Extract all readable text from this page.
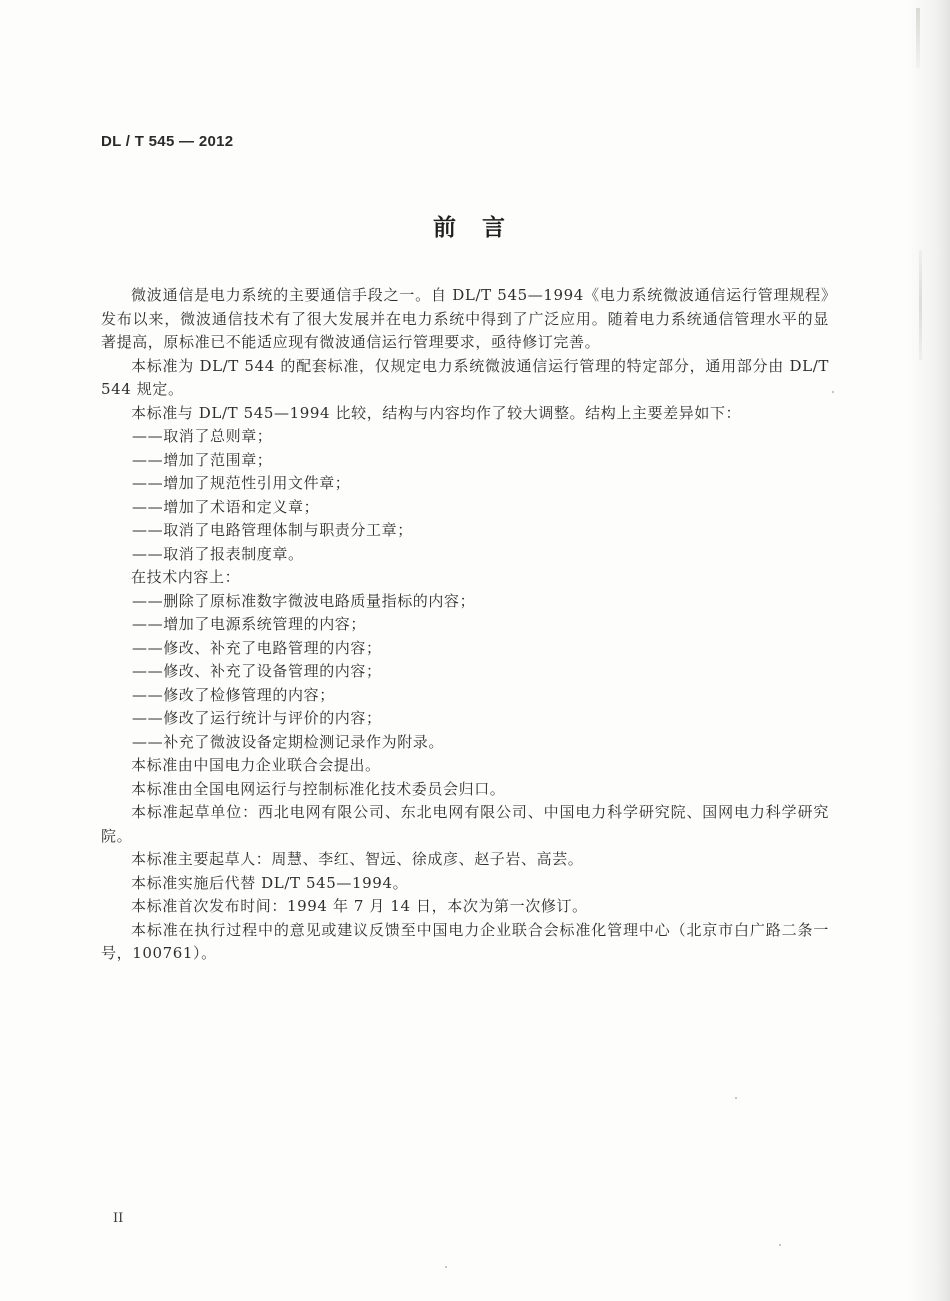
DL / T 545 — 2012
前言

微波通信是电力系统的主要通信手段之一。自 DL/T 545—1994《电力系统微波通信运行管理规程》发布以来，微波通信技术有了很大发展并在电力系统中得到了广泛应用。随着电力系统通信管理水平的显著提高，原标准已不能适应现有微波通信运行管理要求，亟待修订完善。

本标准为 DL/T 544 的配套标准，仅规定电力系统微波通信运行管理的特定部分，通用部分由 DL/T 544 规定。

本标准与 DL/T 545—1994 比较，结构与内容均作了较大调整。结构上主要差异如下：

——取消了总则章；

——增加了范围章；

——增加了规范性引用文件章；

——增加了术语和定义章；

——取消了电路管理体制与职责分工章；

——取消了报表制度章。

在技术内容上：

——删除了原标准数字微波电路质量指标的内容；

——增加了电源系统管理的内容；

——修改、补充了电路管理的内容；

——修改、补充了设备管理的内容；

——修改了检修管理的内容；

——修改了运行统计与评价的内容；

——补充了微波设备定期检测记录作为附录。

本标准由中国电力企业联合会提出。

本标准由全国电网运行与控制标准化技术委员会归口。

本标准起草单位：西北电网有限公司、东北电网有限公司、中国电力科学研究院、国网电力科学研究院。

本标准主要起草人：周慧、李红、智远、徐成彦、赵子岩、高芸。

本标准实施后代替 DL/T 545—1994。

本标准首次发布时间：1994 年 7 月 14 日，本次为第一次修订。

本标准在执行过程中的意见或建议反馈至中国电力企业联合会标准化管理中心（北京市白广路二条一号，100761）。

II
